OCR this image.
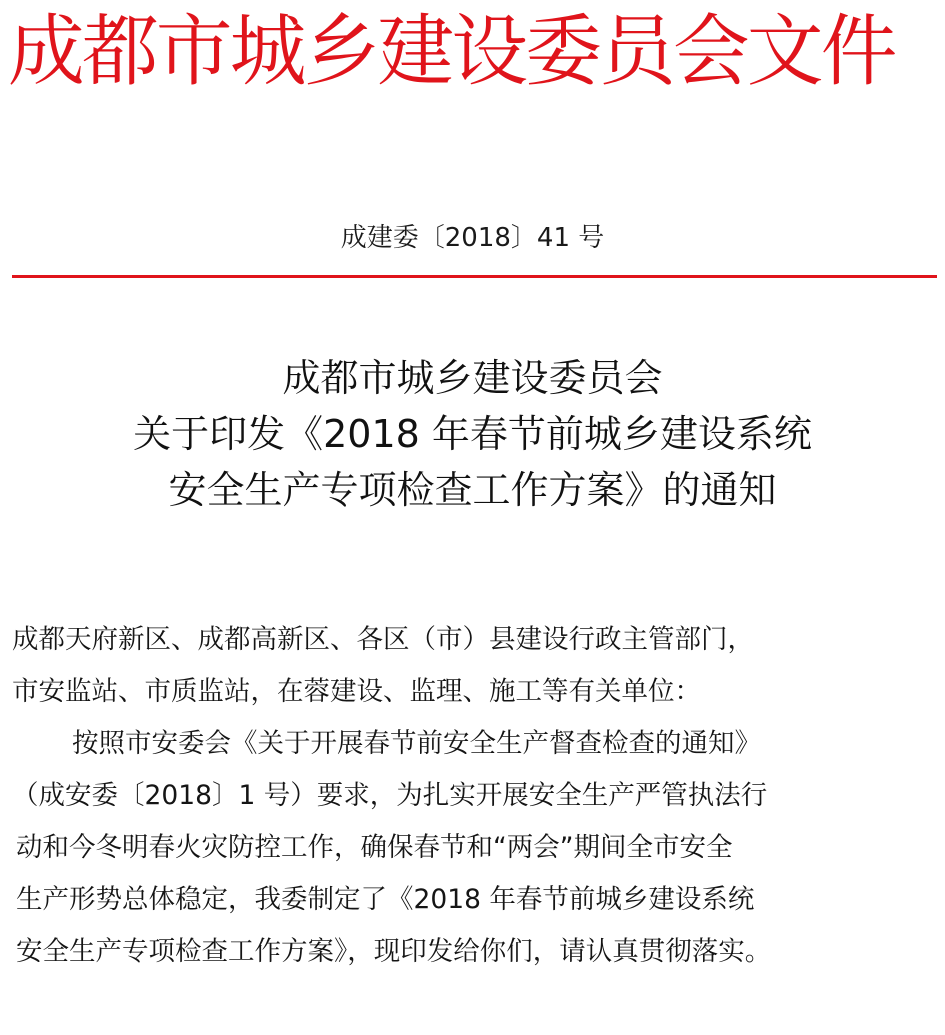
成都市城乡建设委员会文件
成建委〔2018〕41 号
成都市城乡建设委员会
关于印发《2018 年春节前城乡建设系统
安全生产专项检查工作方案》的通知
成都天府新区、成都高新区、各区（市）县建设行政主管部门，
市安监站、市质监站，在蓉建设、监理、施工等有关单位：
按照市安委会《关于开展春节前安全生产督查检查的通知》
（成安委〔2018〕1 号）要求，为扎实开展安全生产严管执法行
动和今冬明春火灾防控工作，确保春节和“两会”期间全市安全
生产形势总体稳定，我委制定了《2018 年春节前城乡建设系统
安全生产专项检查工作方案》，现印发给你们，请认真贯彻落实。
